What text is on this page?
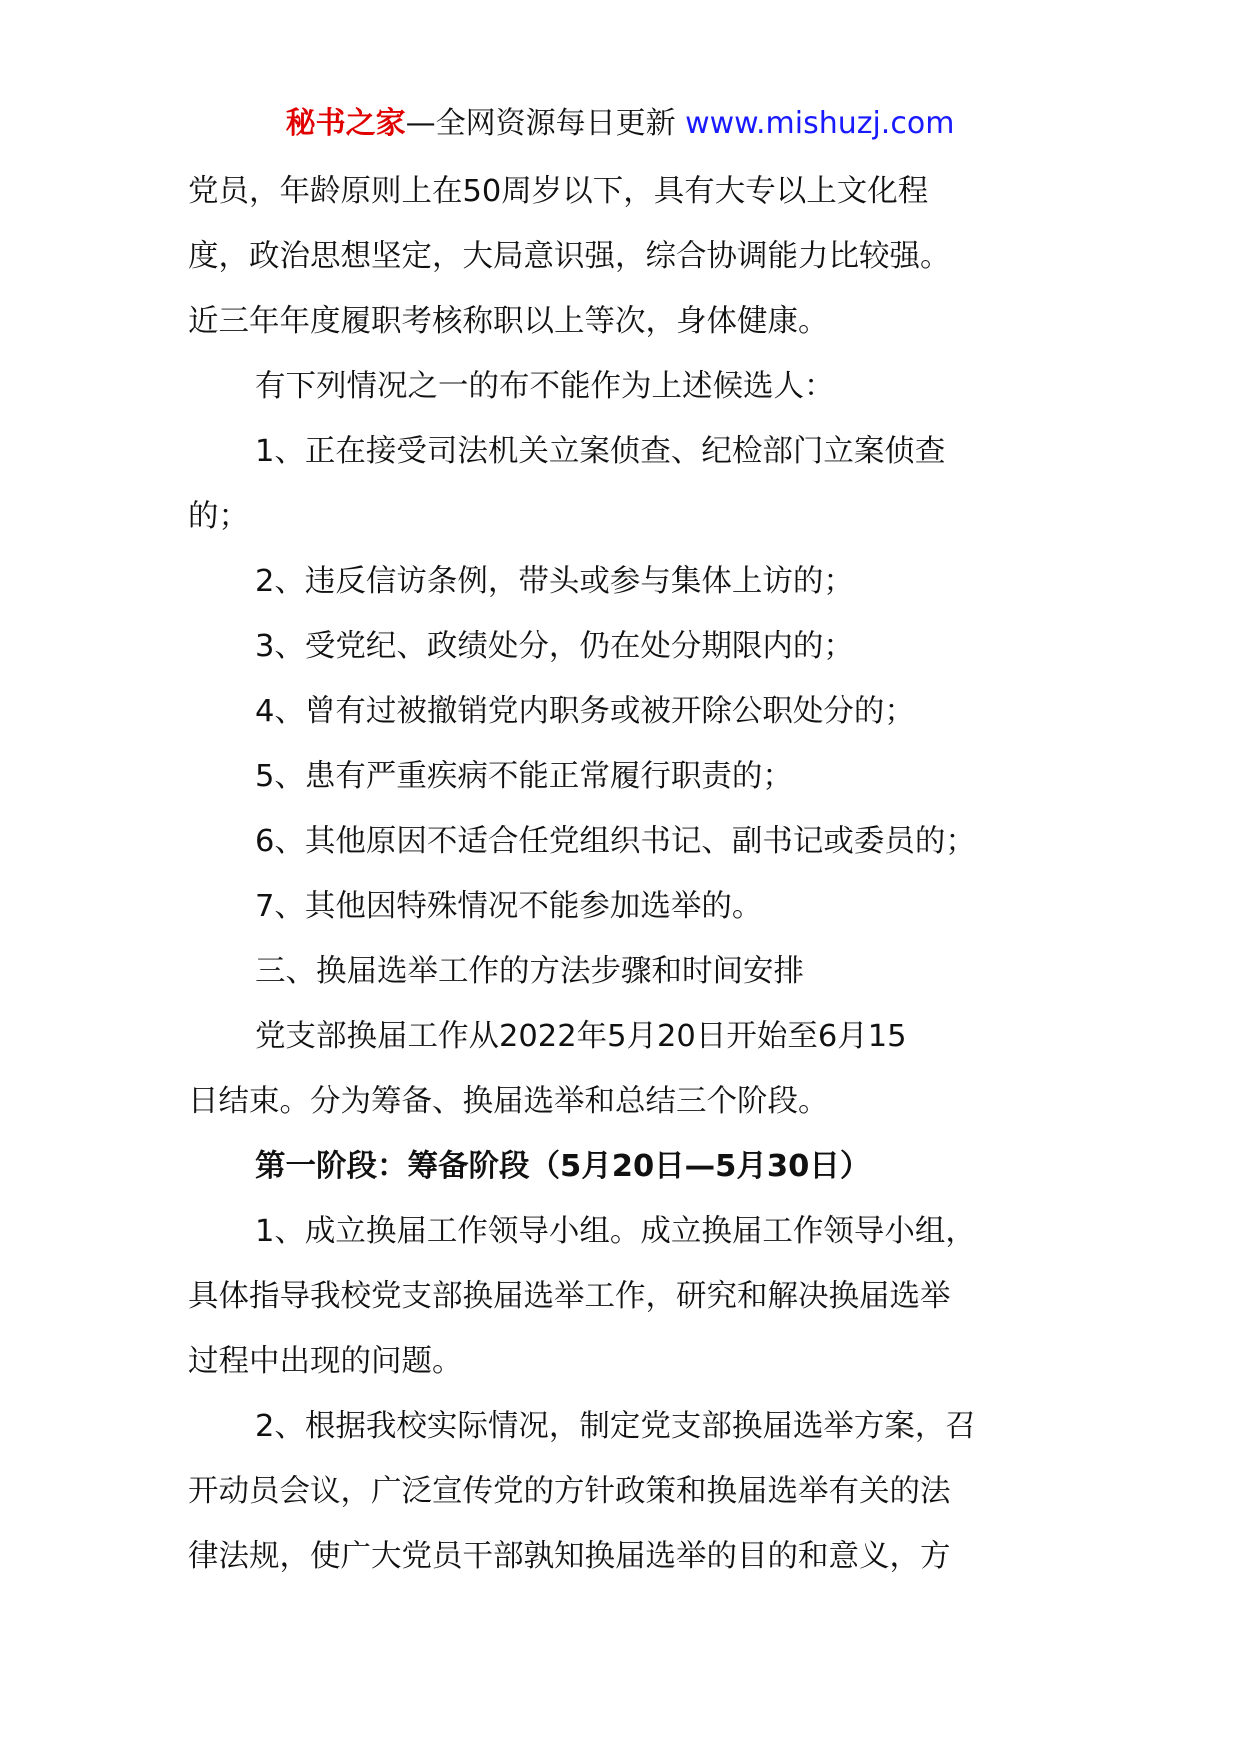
秘书之家—全网资源每日更新 www.mishuzj.com

党员，年龄原则上在50周岁以下，具有大专以上文化程

度，政治思想坚定，大局意识强，综合协调能力比较强。

近三年年度履职考核称职以上等次，身体健康。

有下列情况之一的布不能作为上述候选人：

1、正在接受司法机关立案侦查、纪检部门立案侦查

的；

2、违反信访条例，带头或参与集体上访的；

3、受党纪、政绩处分，仍在处分期限内的；

4、曾有过被撤销党内职务或被开除公职处分的；

5、患有严重疾病不能正常履行职责的；

6、其他原因不适合任党组织书记、副书记或委员的；

7、其他因特殊情况不能参加选举的。

三、换届选举工作的方法步骤和时间安排

党支部换届工作从2022年5月20日开始至6月15

日结束。分为筹备、换届选举和总结三个阶段。

第一阶段：筹备阶段（5月20日—5月30日）

1、成立换届工作领导小组。成立换届工作领导小组，

具体指导我校党支部换届选举工作，研究和解决换届选举

过程中出现的问题。

2、根据我校实际情况，制定党支部换届选举方案，召

开动员会议，广泛宣传党的方针政策和换届选举有关的法

律法规，使广大党员干部孰知换届选举的目的和意义，方
